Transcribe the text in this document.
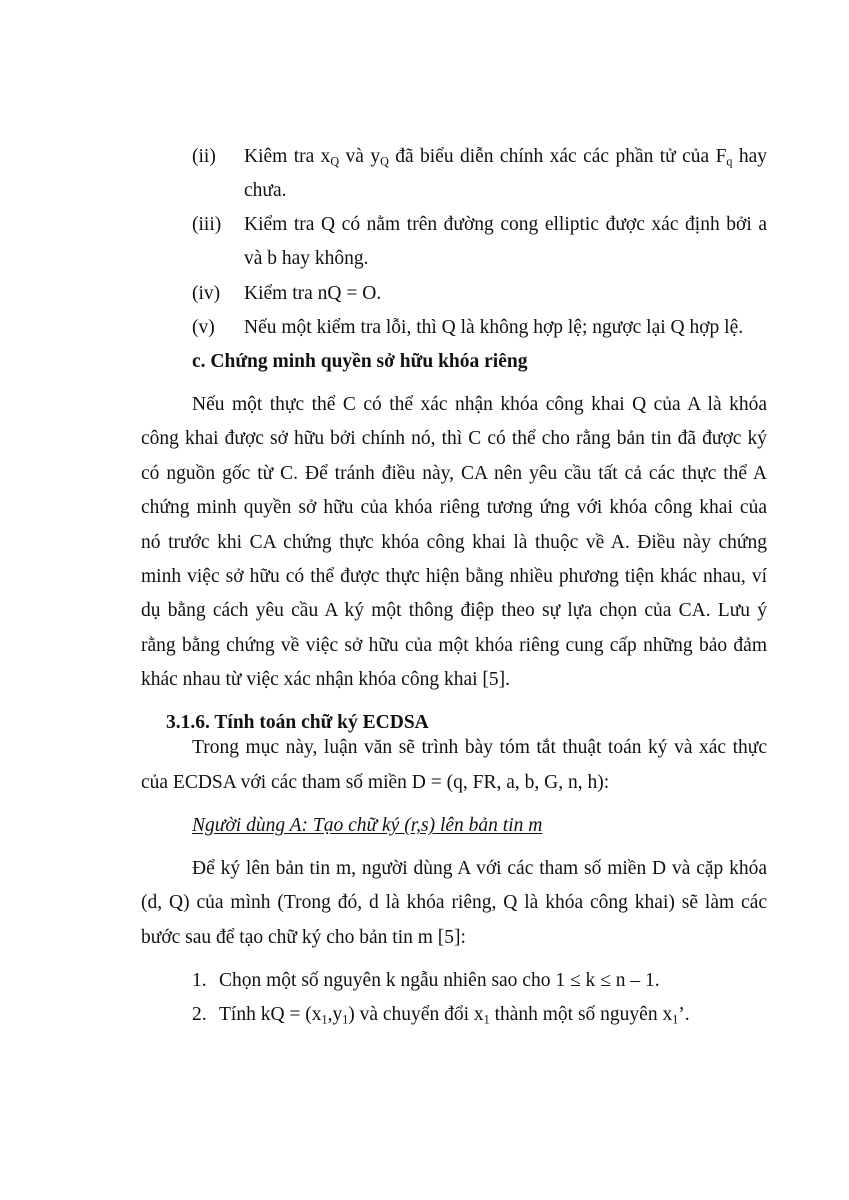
(ii) Kiêm tra $x_Q$ và $y_Q$ đã biểu diễn chính xác các phần tử của $F_q$ hay
chưa.
(iii) Kiểm tra Q có nằm trên đường cong elliptic được xác định bởi a
và b hay không.
(iv) Kiểm tra nQ = O.
(v) Nếu một kiểm tra lỗi, thì Q là không hợp lệ; ngược lại Q hợp lệ.
c. Chứng minh quyền sở hữu khóa riêng
Nếu một thực thể C có thể xác nhận khóa công khai Q của A là khóa
công khai được sở hữu bởi chính nó, thì C có thể cho rằng bản tin đã được ký
có nguồn gốc từ C. Để tránh điều này, CA nên yêu cầu tất cả các thực thể A
chứng minh quyền sở hữu của khóa riêng tương ứng với khóa công khai của
nó trước khi CA chứng thực khóa công khai là thuộc về A. Điều này chứng
minh việc sở hữu có thể được thực hiện bằng nhiều phương tiện khác nhau, ví
dụ bằng cách yêu cầu A ký một thông điệp theo sự lựa chọn của CA. Lưu ý
rằng bằng chứng về việc sở hữu của một khóa riêng cung cấp những bảo đảm
khác nhau từ việc xác nhận khóa công khai [5].
3.1.6. Tính toán chữ ký ECDSA
Trong mục này, luận văn sẽ trình bày tóm tắt thuật toán ký và xác thực
của ECDSA với các tham số miền D = (q, FR, a, b, G, n, h):
Người dùng A: Tạo chữ ký (r,s) lên bản tin m
Để ký lên bản tin m, người dùng A với các tham số miền D và cặp khóa
(d, Q) của mình (Trong đó, d là khóa riêng, Q là khóa công khai) sẽ làm các
bước sau để tạo chữ ký cho bản tin m [5]:
1. Chọn một số nguyên k ngẫu nhiên sao cho 1 ≤ k ≤ n – 1.
2. Tính kQ = $(x_1,y_1)$ và chuyển đổi $x_1$ thành một số nguyên $x_1$’.
